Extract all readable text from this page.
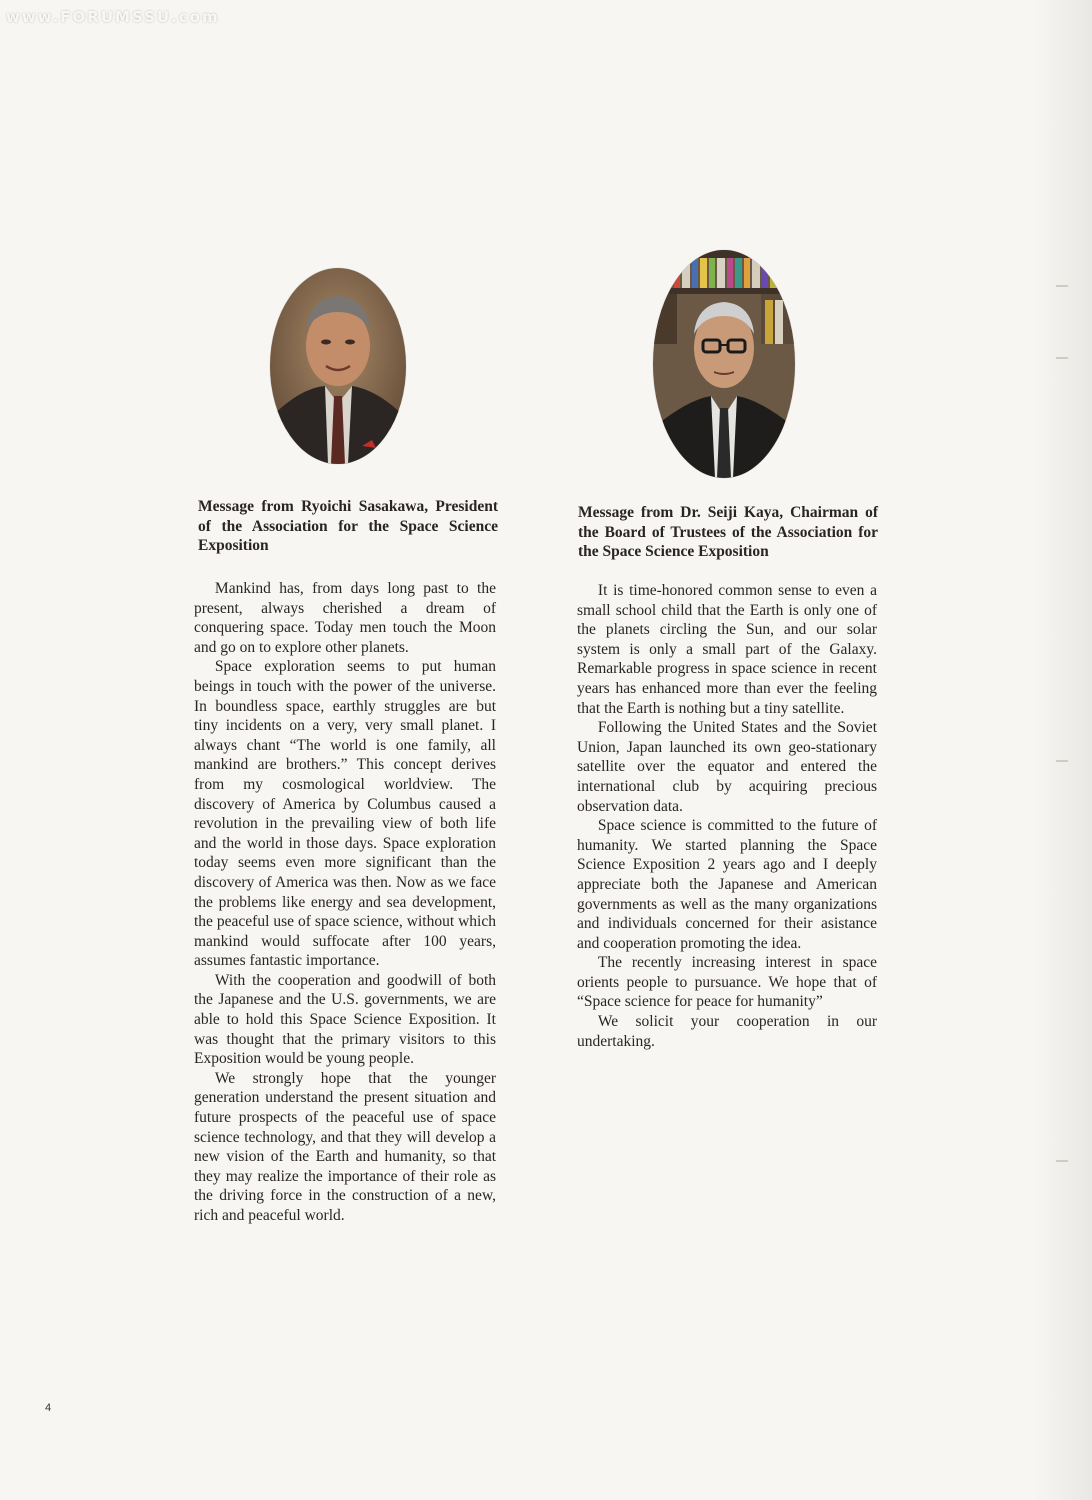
www.FORUMSSU.com
Message from Ryoichi Sasakawa, President of the Association for the Space Science Exposition
Message from Dr. Seiji Kaya, Chairman of the Board of Trustees of the Association for the Space Science Exposition

Mankind has, from days long past to the present, always cherished a dream of conquering space. Today men touch the Moon and go on to explore other planets.

Space exploration seems to put human beings in touch with the power of the universe. In boundless space, earthly struggles are but tiny incidents on a very, very small planet. I always chant “The world is one family, all mankind are brothers.” This concept derives from my cosmological worldview. The discovery of America by Columbus caused a revolution in the prevailing view of both life and the world in those days. Space exploration today seems even more significant than the discovery of America was then. Now as we face the problems like energy and sea development, the peaceful use of space science, without which mankind would suffocate after 100 years, assumes fantastic importance.

With the cooperation and goodwill of both the Japanese and the U.S. governments, we are able to hold this Space Science Exposition. It was thought that the primary visitors to this Exposition would be young people.

We strongly hope that the younger generation understand the present situation and future prospects of the peaceful use of space science technology, and that they will develop a new vision of the Earth and humanity, so that they may realize the importance of their role as the driving force in the construction of a new, rich and peaceful world.

It is time-honored common sense to even a small school child that the Earth is only one of the planets circling the Sun, and our solar system is only a small part of the Galaxy. Remarkable progress in space science in recent years has enhanced more than ever the feeling that the Earth is nothing but a tiny satellite.

Following the United States and the Soviet Union, Japan launched its own geo-stationary satellite over the equator and entered the international club by acquiring precious observation data.

Space science is committed to the future of humanity. We started planning the Space Science Exposition 2 years ago and I deeply appreciate both the Japanese and American governments as well as the many organizations and individuals concerned for their asistance and cooperation promoting the idea.

The recently increasing interest in space orients people to pursuance. We hope that of “Space science for peace for humanity”

We solicit your cooperation in our undertaking.

4
